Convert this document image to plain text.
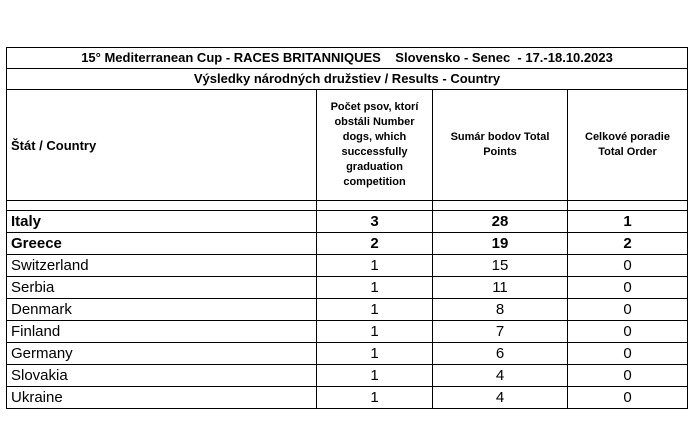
15° Mediterranean Cup - RACES BRITANNIQUES    Slovensko - Senec  - 17.-18.10.2023			
Výsledky národných družstiev / Results - Country			
Štát / Country	Počet psov, ktorí obstáli Number dogs, which successfully graduation competition	Sumár bodov Total Points	Celkové poradie Total Order

Italy	3	28	1
Greece	2	19	2
Switzerland	1	15	0
Serbia	1	11	0
Denmark	1	8	0
Finland	1	7	0
Germany	1	6	0
Slovakia	1	4	0
Ukraine	1	4	0
